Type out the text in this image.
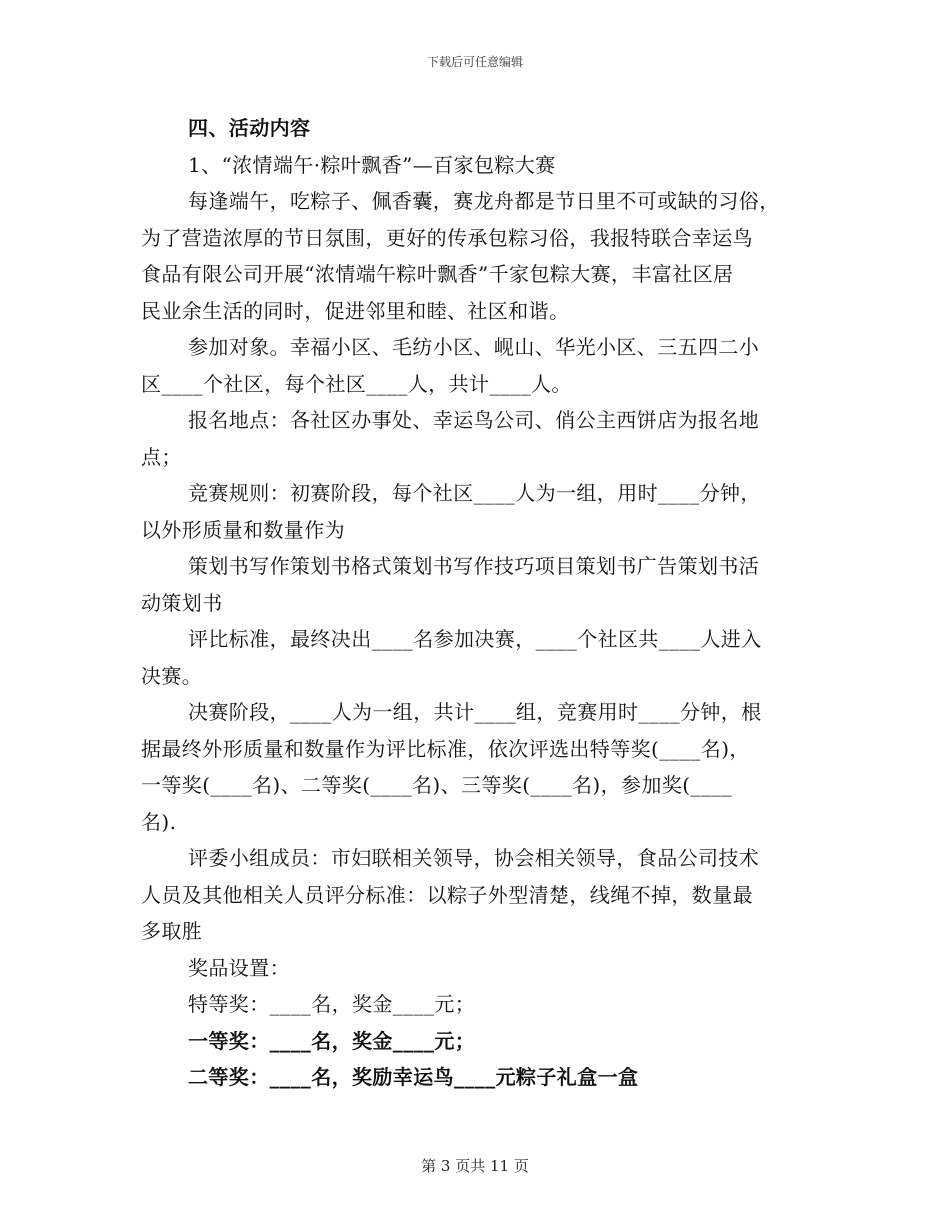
下载后可任意编辑
四、活动内容
1、“浓情端午·粽叶飘香”—百家包粽大赛
每逢端午，吃粽子、佩香囊，赛龙舟都是节日里不可或缺的习俗，
为了营造浓厚的节日氛围，更好的传承包粽习俗，我报特联合幸运鸟
食品有限公司开展“浓情端午粽叶飘香”千家包粽大赛，丰富社区居
民业余生活的同时，促进邻里和睦、社区和谐。
参加对象。幸福小区、毛纺小区、岘山、华光小区、三五四二小
区____个社区，每个社区____人，共计____人。
报名地点：各社区办事处、幸运鸟公司、俏公主西饼店为报名地
点；
竞赛规则：初赛阶段，每个社区____人为一组，用时____分钟，
以外形质量和数量作为
策划书写作策划书格式策划书写作技巧项目策划书广告策划书活
动策划书
评比标准，最终决出____名参加决赛，____个社区共____人进入
决赛。
决赛阶段，____人为一组，共计____组，竞赛用时____分钟，根
据最终外形质量和数量作为评比标准，依次评选出特等奖(____名)，
一等奖(____名)、二等奖(____名)、三等奖(____名)，参加奖(____
名).
评委小组成员：市妇联相关领导，协会相关领导，食品公司技术
人员及其他相关人员评分标准：以粽子外型清楚，线绳不掉，数量最
多取胜
奖品设置：
特等奖：____名，奖金____元；
一等奖：____名，奖金____元；
二等奖：____名，奖励幸运鸟____元粽子礼盒一盒
第 3 页共 11 页
